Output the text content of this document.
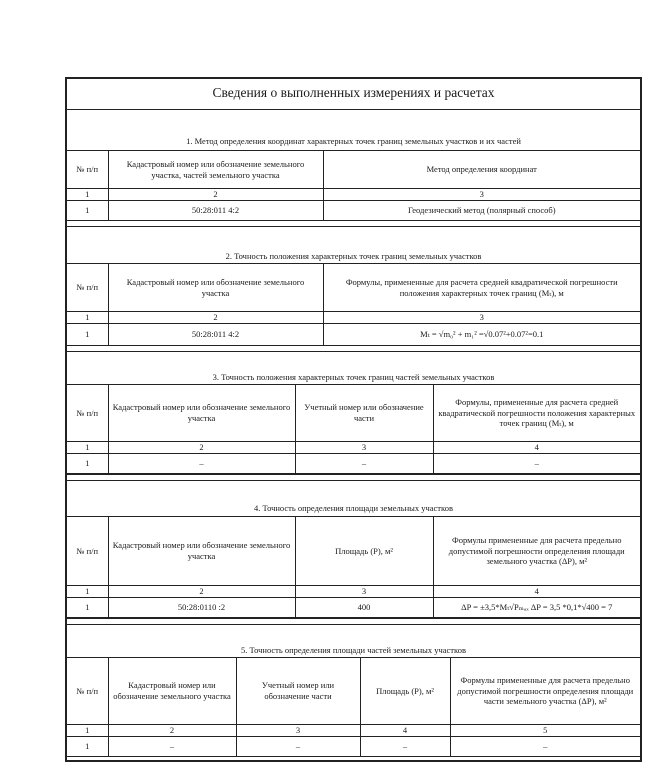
Сведения о выполненных измерениях и расчетах
1. Метод определения координат характерных точек границ земельных участков и их частей
№ п/п	Кадастровый номер или обозначение земельного участка, частей земельного участка	Метод определения координат
1	2	3
1	50:28:011 4:2	Геодезический метод (полярный способ)
2. Точность положения характерных точек границ земельных участков
№ п/п	Кадастровый номер или обозначение земельного участка	Формулы, примененные для расчета средней квадратической погрешности положения характерных точек границ (Mₜ), м
1	2	3
1	50:28:011 4:2	Mₜ = √m₀² + m₁² =√0.07²+0.07²=0.1
3. Точность положения характерных точек границ частей земельных участков
№ п/п	Кадастровый номер или обозначение земельного участка	Учетный номер или обозначение части	Формулы, примененные для расчета средней квадратической погрешности положения характерных точек границ (Mₜ), м
1	2	3	4
1	–	–	–
4. Точность определения площади земельных участков
№ п/п	Кадастровый номер или обозначение земельного участка	Площадь (P), м²	Формулы примененные для расчета предельно допустимой погрешности определения площади земельного участка (ΔP), м²
1	2	3	4
1	50:28:0110 :2	400	ΔP = ±3,5*Mₜ√Pₘₐₓ ΔP = 3,5 *0,1*√400 = 7
5. Точность определения площади частей земельных участков
№ п/п	Кадастровый номер или обозначение земельного участка	Учетный номер или обозначение части	Площадь (P), м²	Формулы примененные для расчета предельно допустимой погрешности определения площади части земельного участка (ΔP), м²
1	2	3	4	5
1	–	–	–	–
